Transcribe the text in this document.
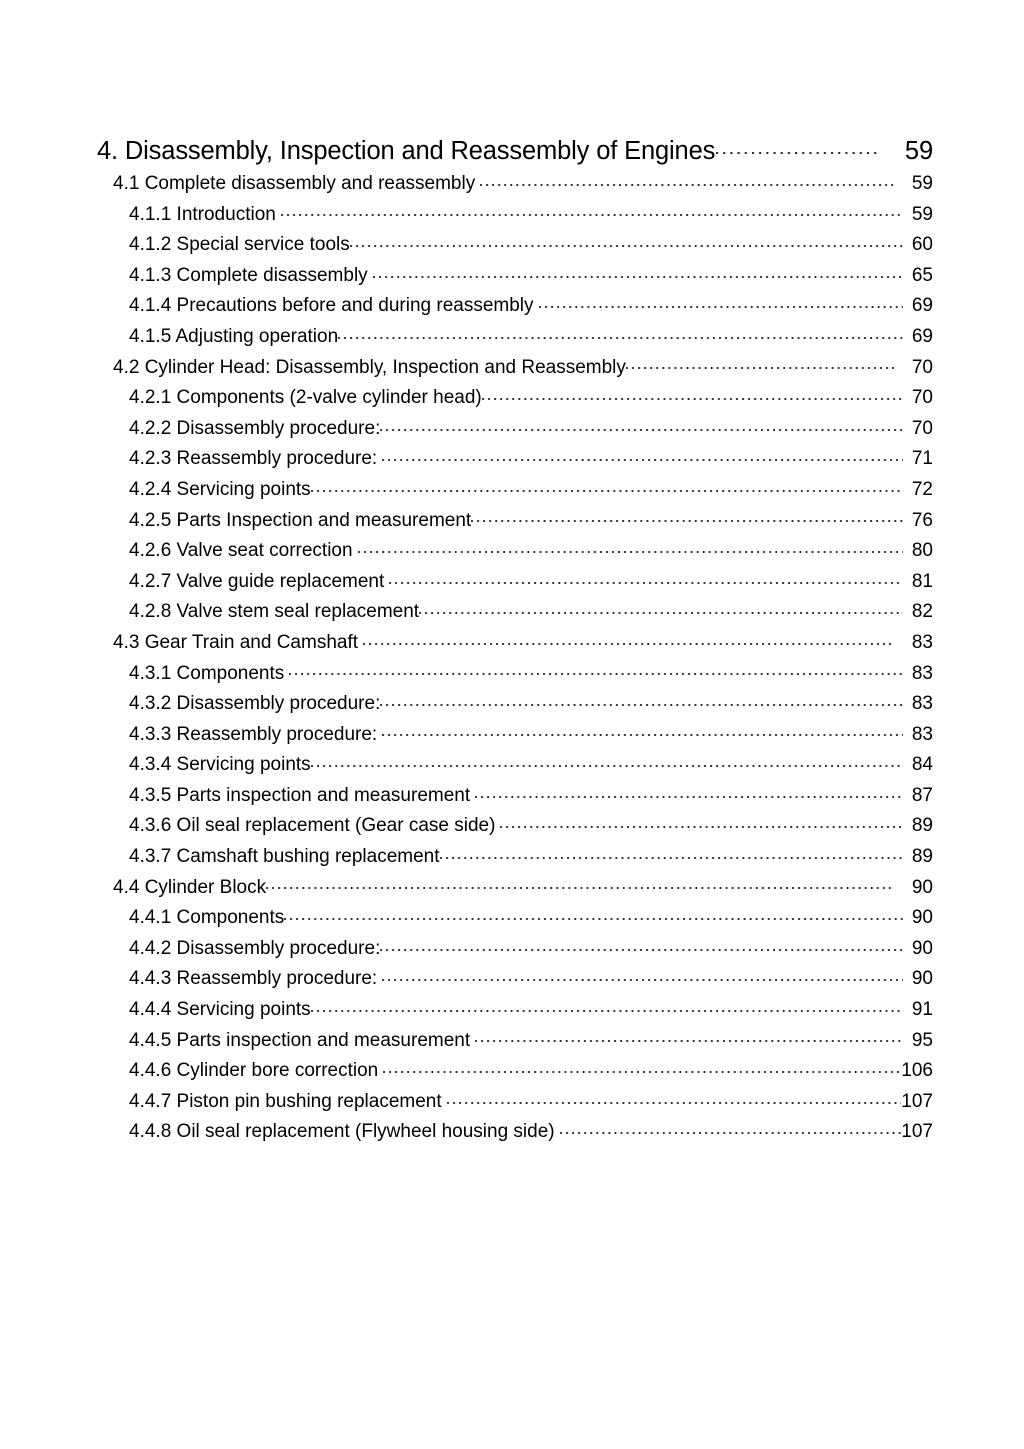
4. Disassembly, Inspection and Reassembly of Engines	59
4.1 Complete disassembly and reassembly	59
4.1.1 Introduction	59
4.1.2 Special service tools	60
4.1.3 Complete disassembly	65
4.1.4 Precautions before and during reassembly	69
4.1.5 Adjusting operation	69
4.2 Cylinder Head: Disassembly, Inspection and Reassembly	70
4.2.1 Components (2-valve cylinder head)	70
4.2.2 Disassembly procedure:	70
4.2.3 Reassembly procedure:	71
4.2.4 Servicing points	72
4.2.5 Parts Inspection and measurement	76
4.2.6 Valve seat correction	80
4.2.7 Valve guide replacement	81
4.2.8 Valve stem seal replacement	82
4.3 Gear Train and Camshaft	83
4.3.1 Components	83
4.3.2 Disassembly procedure:	83
4.3.3 Reassembly procedure:	83
4.3.4 Servicing points	84
4.3.5 Parts inspection and measurement	87
4.3.6 Oil seal replacement (Gear case side)	89
4.3.7 Camshaft bushing replacement	89
4.4 Cylinder Block	90
4.4.1 Components	90
4.4.2 Disassembly procedure:	90
4.4.3 Reassembly procedure:	90
4.4.4 Servicing points	91
4.4.5 Parts inspection and measurement	95
4.4.6 Cylinder bore correction	106
4.4.7 Piston pin bushing replacement	107
4.4.8 Oil seal replacement (Flywheel housing side)	107
